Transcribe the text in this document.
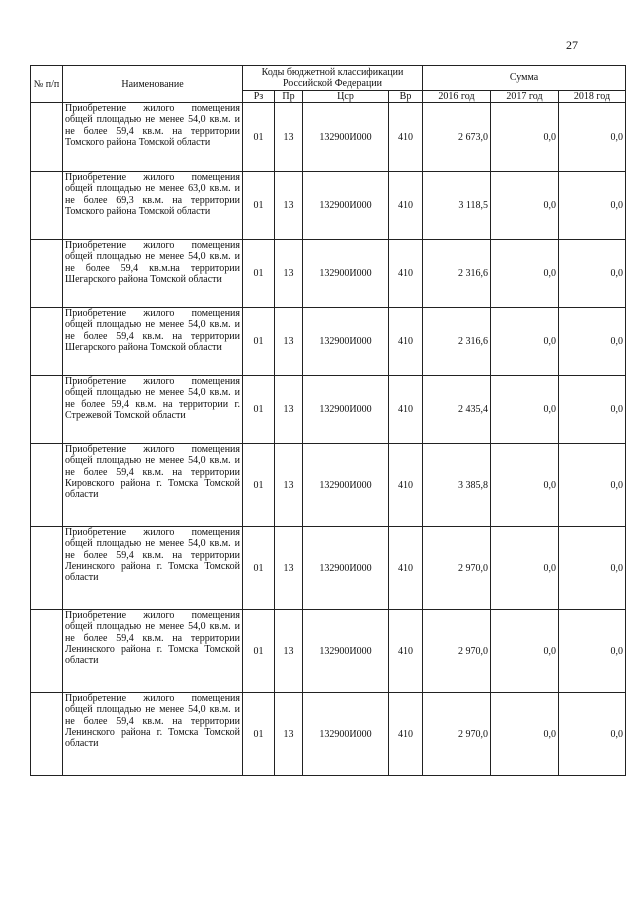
27
№ п/п	Наименование	Коды бюджетной классификации Российской Федерации				Сумма		
		Рз	Пр	Цср	Вр	2016 год	2017 год	2018 год
	Приобретение жилого помещения общей площадью не менее 54,0 кв.м. и не более 59,4 кв.м. на территории Томского района Томской области	01	13	132900И000	410	2 673,0	0,0	0,0
	Приобретение жилого помещения общей площадью не менее 63,0 кв.м. и не более 69,3 кв.м. на территории Томского района Томской области	01	13	132900И000	410	3 118,5	0,0	0,0
	Приобретение жилого помещения общей площадью не менее 54,0 кв.м. и не более 59,4 кв.м.на территории Шегарского района Томской области	01	13	132900И000	410	2 316,6	0,0	0,0
	Приобретение жилого помещения общей площадью не менее 54,0 кв.м. и не более 59,4 кв.м. на территории Шегарского района Томской области	01	13	132900И000	410	2 316,6	0,0	0,0
	Приобретение жилого помещения общей площадью не менее 54,0 кв.м. и не более 59,4 кв.м. на территории г. Стрежевой Томской области	01	13	132900И000	410	2 435,4	0,0	0,0
	Приобретение жилого помещения общей площадью не менее 54,0 кв.м. и не более 59,4 кв.м. на территории Кировского района г. Томска Томской области	01	13	132900И000	410	3 385,8	0,0	0,0
	Приобретение жилого помещения общей площадью не менее 54,0 кв.м. и не более 59,4 кв.м. на территории Ленинского района г. Томска Томской области	01	13	132900И000	410	2 970,0	0,0	0,0
	Приобретение жилого помещения общей площадью не менее 54,0 кв.м. и не более 59,4 кв.м. на территории Ленинского района г. Томска Томской области	01	13	132900И000	410	2 970,0	0,0	0,0
	Приобретение жилого помещения общей площадью не менее 54,0 кв.м. и не более 59,4 кв.м. на территории Ленинского района г. Томска Томской области	01	13	132900И000	410	2 970,0	0,0	0,0
